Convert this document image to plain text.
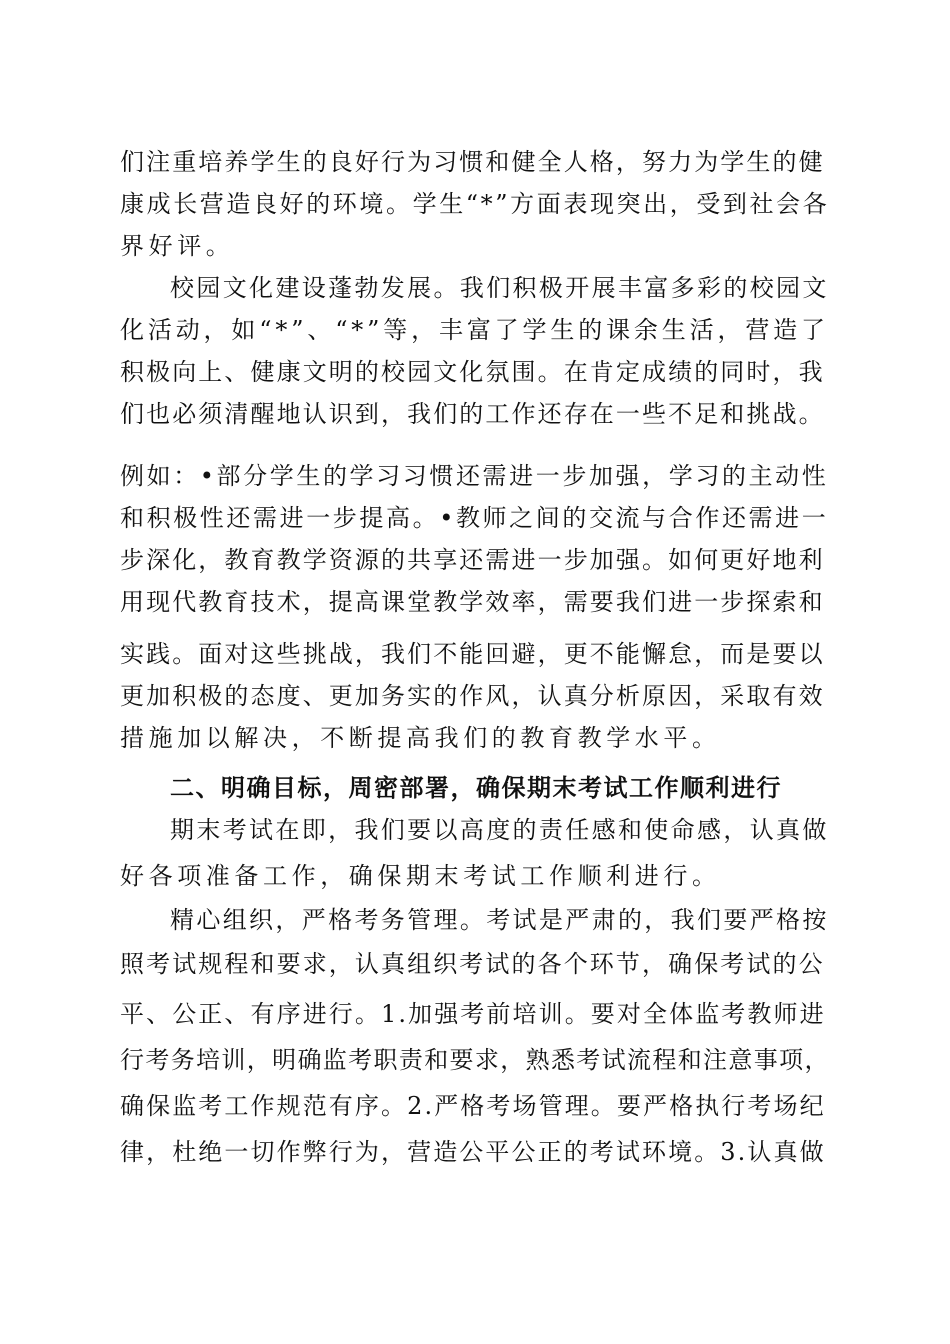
们注重培养学生的良好行为习惯和健全人格，努力为学生的健
康成长营造良好的环境。学生“*”方面表现突出，受到社会各
界好评。
校园文化建设蓬勃发展。我们积极开展丰富多彩的校园文
化活动，如“*”、“*”等，丰富了学生的课余生活，营造了
积极向上、健康文明的校园文化氛围。在肯定成绩的同时，我
们也必须清醒地认识到，我们的工作还存在一些不足和挑战。
例如：•部分学生的学习习惯还需进一步加强，学习的主动性
和积极性还需进一步提高。•教师之间的交流与合作还需进一
步深化，教育教学资源的共享还需进一步加强。如何更好地利
用现代教育技术，提高课堂教学效率，需要我们进一步探索和
实践。面对这些挑战，我们不能回避，更不能懈怠，而是要以
更加积极的态度、更加务实的作风，认真分析原因，采取有效
措施加以解决，不断提高我们的教育教学水平。
二、明确目标，周密部署，确保期末考试工作顺利进行
期末考试在即，我们要以高度的责任感和使命感，认真做
好各项准备工作，确保期末考试工作顺利进行。
精心组织，严格考务管理。考试是严肃的，我们要严格按
照考试规程和要求，认真组织考试的各个环节，确保考试的公
平、公正、有序进行。1.加强考前培训。要对全体监考教师进
行考务培训，明确监考职责和要求，熟悉考试流程和注意事项，
确保监考工作规范有序。2.严格考场管理。要严格执行考场纪
律，杜绝一切作弊行为，营造公平公正的考试环境。3.认真做
